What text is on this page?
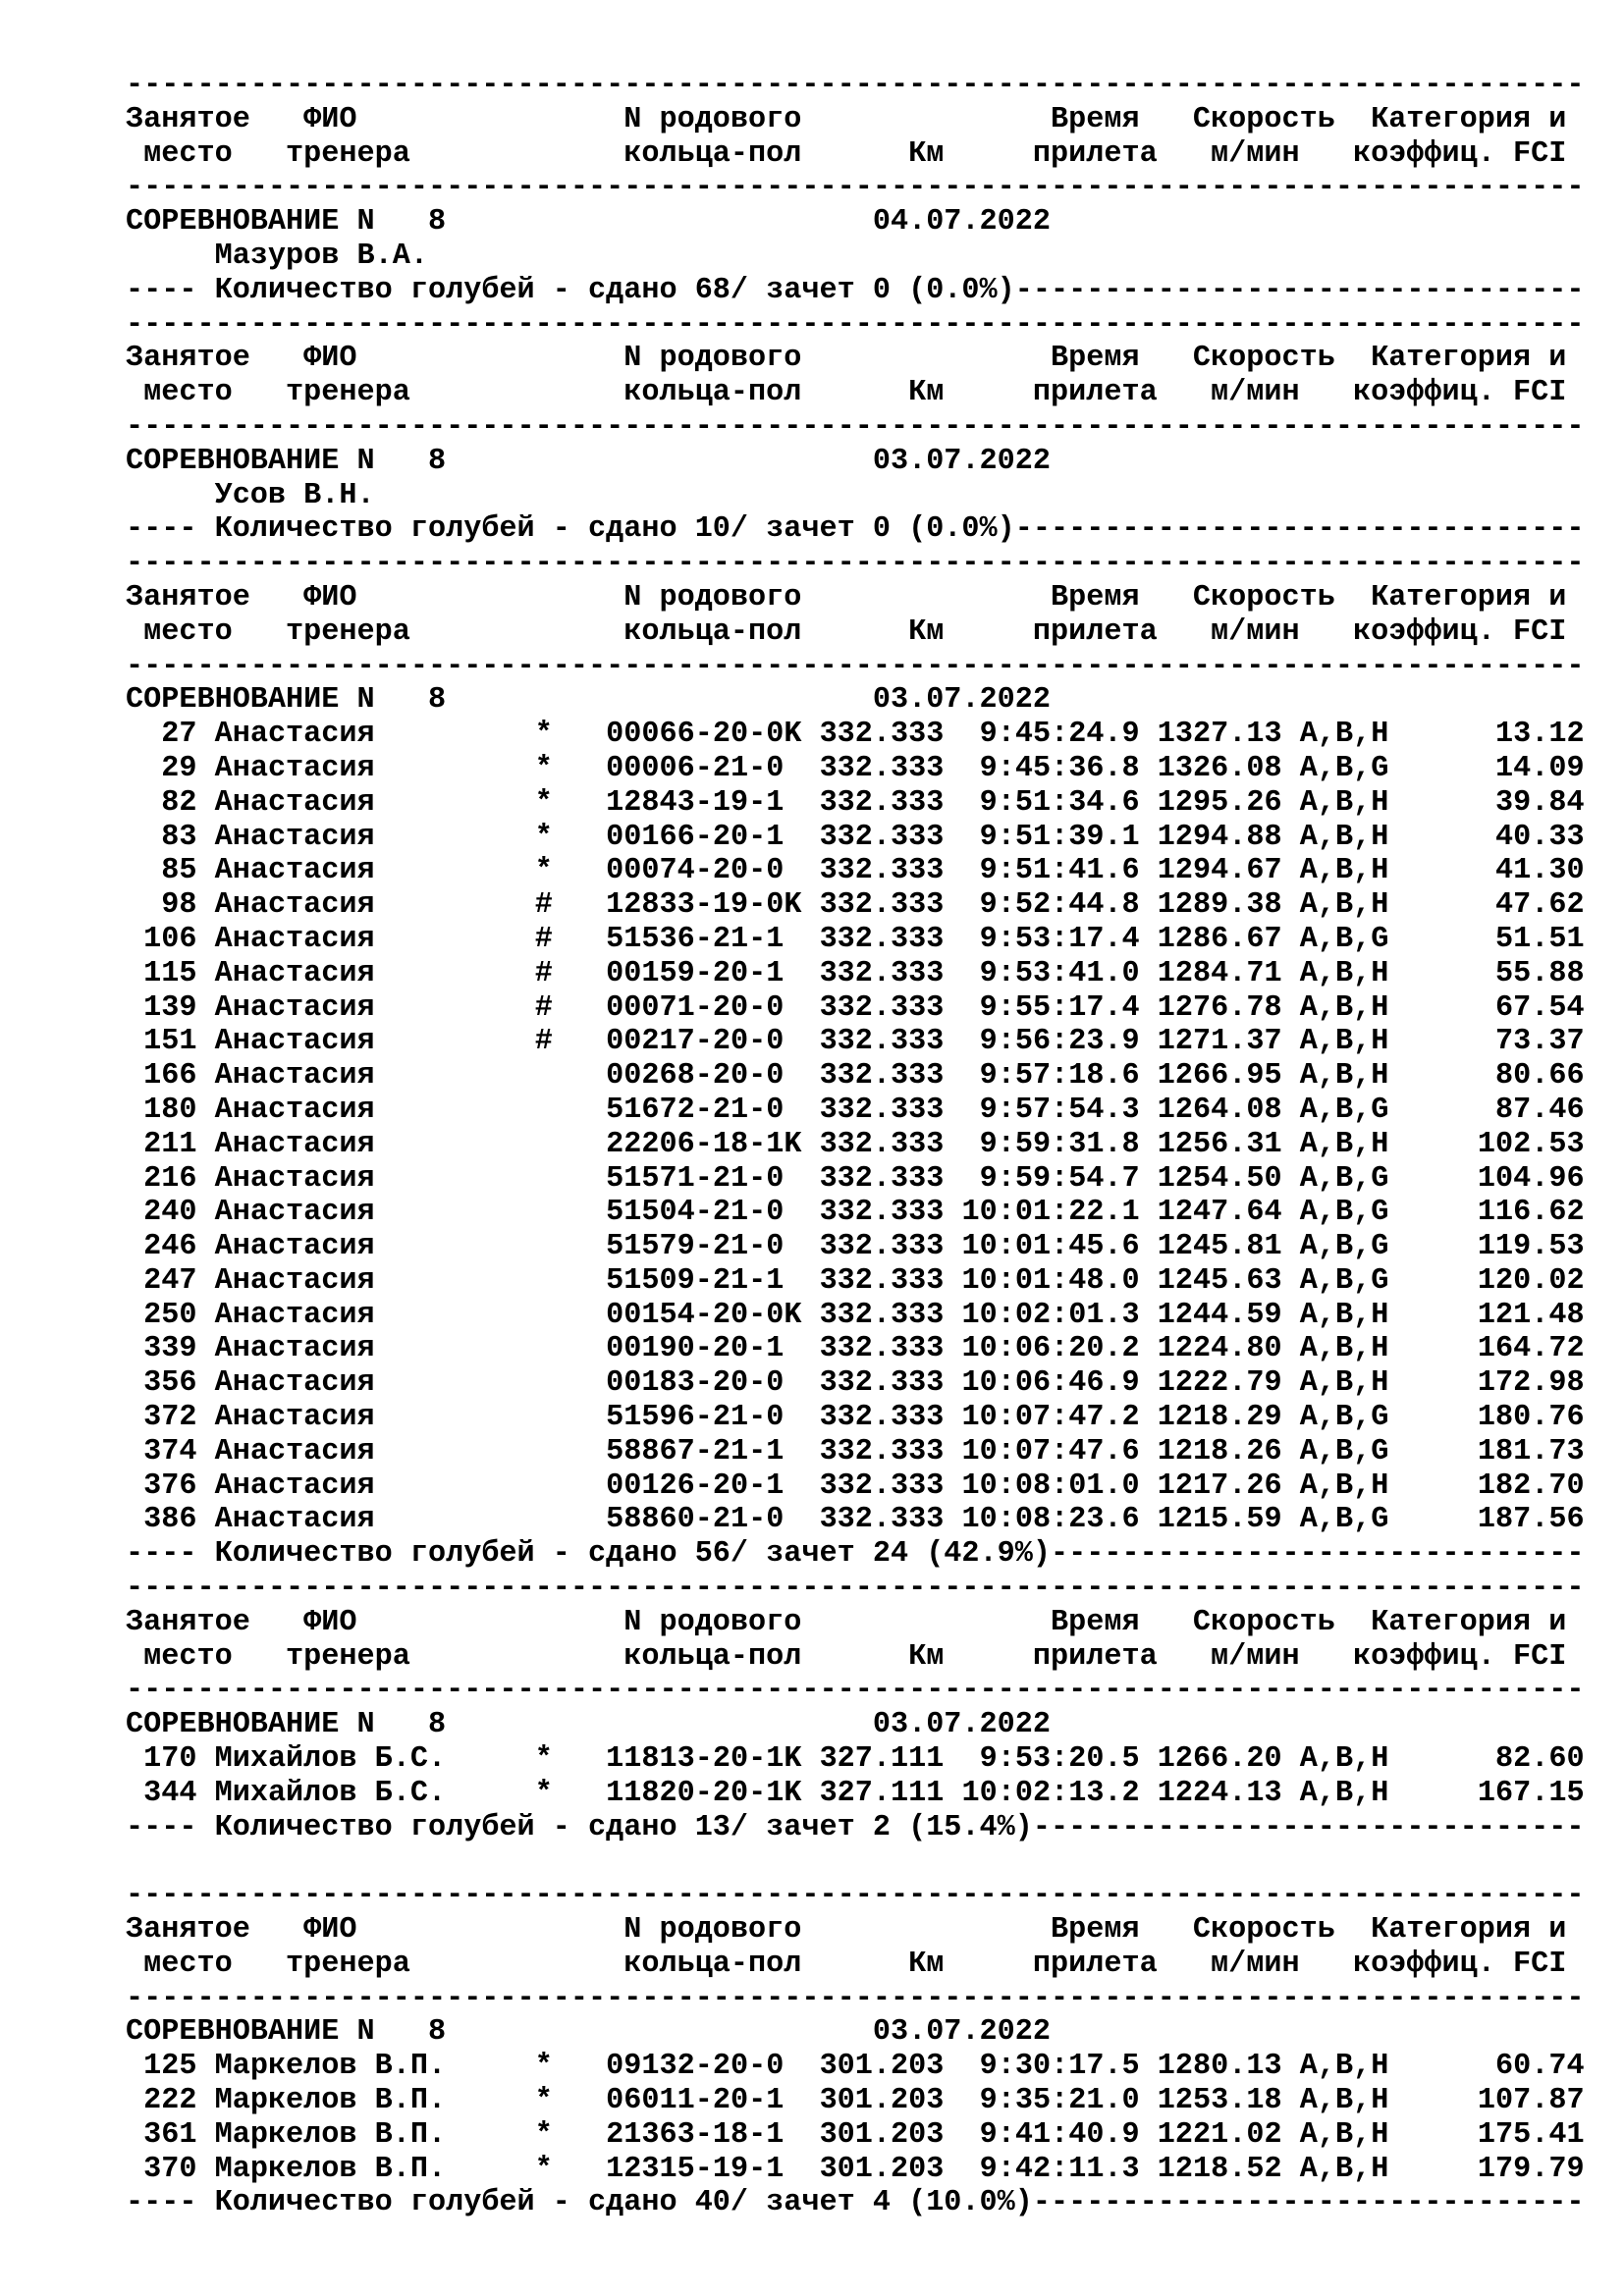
----------------------------------------------------------------------------------
Занятое   ФИО               N родового              Время   Скорость  Категория и
место   тренера            кольца-пол      Км     прилета   м/мин   коэффиц. FCI
----------------------------------------------------------------------------------
СОРЕВНОВАНИЕ N   8                        04.07.2022
Мазуров В.А.
---- Количество голубей - сдано 68/ зачет 0 (0.0%)--------------------------------
----------------------------------------------------------------------------------
Занятое   ФИО               N родового              Время   Скорость  Категория и
место   тренера            кольца-пол      Км     прилета   м/мин   коэффиц. FCI
----------------------------------------------------------------------------------
СОРЕВНОВАНИЕ N   8                        03.07.2022
Усов В.Н.
---- Количество голубей - сдано 10/ зачет 0 (0.0%)--------------------------------
----------------------------------------------------------------------------------
Занятое   ФИО               N родового              Время   Скорость  Категория и
место   тренера            кольца-пол      Км     прилета   м/мин   коэффиц. FCI
----------------------------------------------------------------------------------
СОРЕВНОВАНИЕ N   8                        03.07.2022
27 Анастасия         * 00066-20-0K 332.333  9:45:24.9 1327.13 A,B,H      13.12
29 Анастасия         * 00006-21-0  332.333  9:45:36.8 1326.08 A,B,G      14.09
82 Анастасия         * 12843-19-1  332.333  9:51:34.6 1295.26 A,B,H      39.84
83 Анастасия         * 00166-20-1  332.333  9:51:39.1 1294.88 A,B,H      40.33
85 Анастасия         * 00074-20-0  332.333  9:51:41.6 1294.67 A,B,H      41.30
98 Анастасия         # 12833-19-0K 332.333  9:52:44.8 1289.38 A,B,H      47.62
106 Анастасия         # 51536-21-1  332.333  9:53:17.4 1286.67 A,B,G      51.51
115 Анастасия         # 00159-20-1  332.333  9:53:41.0 1284.71 A,B,H      55.88
139 Анастасия         # 00071-20-0  332.333  9:55:17.4 1276.78 A,B,H      67.54
151 Анастасия         # 00217-20-0  332.333  9:56:23.9 1271.37 A,B,H      73.37
166 Анастасия	00268-20-0  332.333  9:57:18.6 1266.95 A,B,H      80.66
180 Анастасия	51672-21-0  332.333  9:57:54.3 1264.08 A,B,G      87.46
211 Анастасия	22206-18-1K 332.333  9:59:31.8 1256.31 A,B,H     102.53
216 Анастасия	51571-21-0  332.333  9:59:54.7 1254.50 A,B,G     104.96
240 Анастасия	51504-21-0  332.333 10:01:22.1 1247.64 A,B,G     116.62
246 Анастасия	51579-21-0  332.333 10:01:45.6 1245.81 A,B,G     119.53
247 Анастасия	51509-21-1  332.333 10:01:48.0 1245.63 A,B,G     120.02
250 Анастасия	00154-20-0K 332.333 10:02:01.3 1244.59 A,B,H     121.48
339 Анастасия	00190-20-1  332.333 10:06:20.2 1224.80 A,B,H     164.72
356 Анастасия	00183-20-0  332.333 10:06:46.9 1222.79 A,B,H     172.98
372 Анастасия	51596-21-0  332.333 10:07:47.2 1218.29 A,B,G     180.76
374 Анастасия	58867-21-1  332.333 10:07:47.6 1218.26 A,B,G     181.73
376 Анастасия	00126-20-1  332.333 10:08:01.0 1217.26 A,B,H     182.70
386 Анастасия	58860-21-0  332.333 10:08:23.6 1215.59 A,B,G     187.56
---- Количество голубей - сдано 56/ зачет 24 (42.9%)------------------------------
----------------------------------------------------------------------------------
Занятое   ФИО               N родового              Время   Скорость  Категория и
место   тренера            кольца-пол      Км     прилета   м/мин   коэффиц. FCI
----------------------------------------------------------------------------------
СОРЕВНОВАНИЕ N   8                        03.07.2022
170 Михайлов Б.С.     * 11813-20-1K 327.111  9:53:20.5 1266.20 A,B,H      82.60
344 Михайлов Б.С.     * 11820-20-1K 327.111 10:02:13.2 1224.13 A,B,H     167.15
---- Количество голубей - сдано 13/ зачет 2 (15.4%)-------------------------------
----------------------------------------------------------------------------------
Занятое   ФИО               N родового              Время   Скорость  Категория и
место   тренера            кольца-пол      Км     прилета   м/мин   коэффиц. FCI
----------------------------------------------------------------------------------
СОРЕВНОВАНИЕ N   8                        03.07.2022
125 Маркелов В.П.     * 09132-20-0  301.203  9:30:17.5 1280.13 A,B,H      60.74
222 Маркелов В.П.     * 06011-20-1  301.203  9:35:21.0 1253.18 A,B,H     107.87
361 Маркелов В.П.     * 21363-18-1  301.203  9:41:40.9 1221.02 A,B,H     175.41
370 Маркелов В.П.     * 12315-19-1  301.203  9:42:11.3 1218.52 A,B,H     179.79
---- Количество голубей - сдано 40/ зачет 4 (10.0%)-------------------------------
